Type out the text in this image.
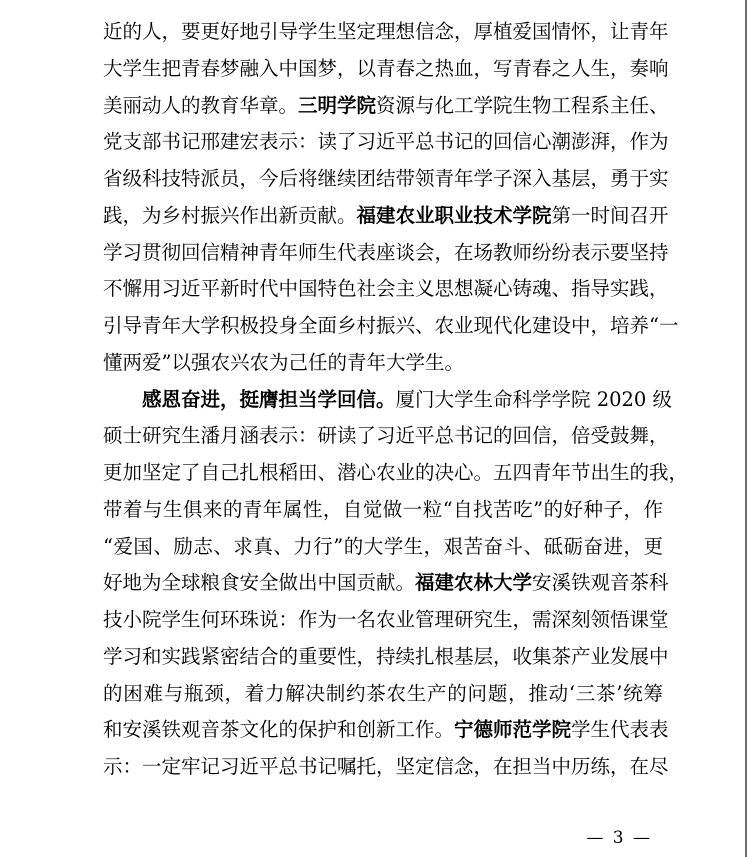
近的人，要更好地引导学生坚定理想信念，厚植爱国情怀，让青年
大学生把青春梦融入中国梦，以青春之热血，写青春之人生，奏响
美丽动人的教育华章。三明学院资源与化工学院生物工程系主任、
党支部书记邢建宏表示：读了习近平总书记的回信心潮澎湃，作为
省级科技特派员，今后将继续团结带领青年学子深入基层，勇于实
践，为乡村振兴作出新贡献。福建农业职业技术学院第一时间召开
学习贯彻回信精神青年师生代表座谈会，在场教师纷纷表示要坚持
不懈用习近平新时代中国特色社会主义思想凝心铸魂、指导实践，
引导青年大学积极投身全面乡村振兴、农业现代化建设中，培养“一
懂两爱”以强农兴农为己任的青年大学生。
感恩奋进，挺膺担当学回信。厦门大学生命科学学院 2020 级
硕士研究生潘月涵表示：研读了习近平总书记的回信，倍受鼓舞，
更加坚定了自己扎根稻田、潜心农业的决心。五四青年节出生的我，
带着与生俱来的青年属性，自觉做一粒“自找苦吃”的好种子，作
“爱国、励志、求真、力行”的大学生，艰苦奋斗、砥砺奋进，更
好地为全球粮食安全做出中国贡献。福建农林大学安溪铁观音茶科
技小院学生何环珠说：作为一名农业管理研究生，需深刻领悟课堂
学习和实践紧密结合的重要性，持续扎根基层，收集茶产业发展中
的困难与瓶颈，着力解决制约茶农生产的问题，推动‘三茶’统筹
和安溪铁观音茶文化的保护和创新工作。宁德师范学院学生代表表
示：一定牢记习近平总书记嘱托，坚定信念，在担当中历练，在尽
— 3 —
